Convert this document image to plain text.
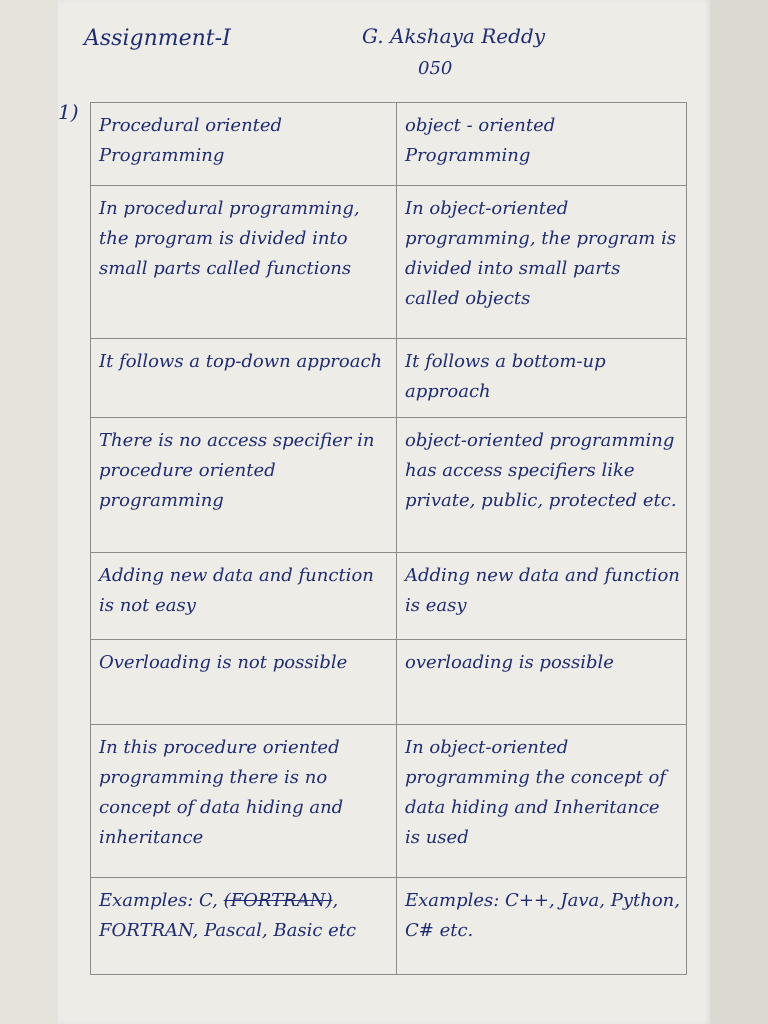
Assignment-I	G. Akshaya Reddy
050
1)
Procedural oriented Programming	object - oriented Programming
In procedural programming, the program is divided into small parts called functions	In object-oriented programming, the program is divided into small parts called objects
It follows a top-down approach	It follows a bottom-up approach
There is no access specifier in procedure oriented programming	object-oriented programming has access specifiers like private, public, protected etc.
Adding new data and function is not easy	Adding new data and function is easy
Overloading is not possible	overloading is possible
In this procedure oriented programming there is no concept of data hiding and inheritance	In object-oriented programming the concept of data hiding and Inheritance is used
Examples: C, (FORTRAN), FORTRAN, Pascal, Basic etc	Examples: C++, Java, Python, C# etc.
